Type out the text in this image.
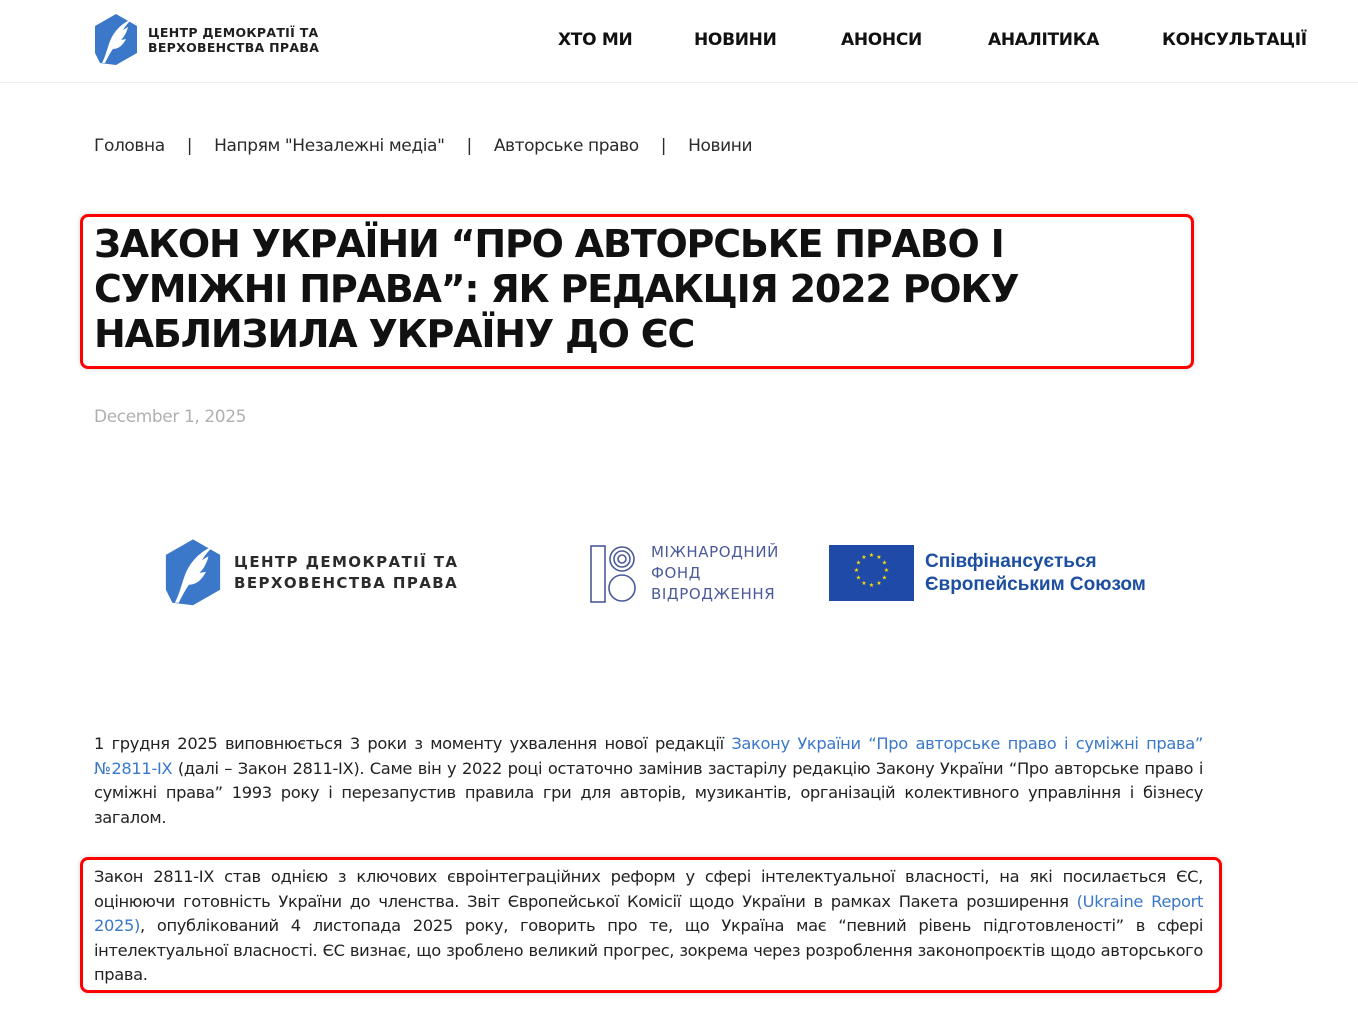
ЦЕНТР ДЕМОКРАТІЇ ТА
ВЕРХОВЕНСТВА ПРАВА	ХТО МИ	НОВИНИ	АНОНСИ	АНАЛІТИКА	КОНСУЛЬТАЦІЇ
Головна | Напрям "Незалежні медіа" | Авторське право | Новини
ЗАКОН УКРАЇНИ “ПРО АВТОРСЬКЕ ПРАВО І СУМІЖНІ ПРАВА”: ЯК РЕДАКЦІЯ 2022 РОКУ НАБЛИЗИЛА УКРАЇНУ ДО ЄС
December 1, 2025
ЦЕНТР ДЕМОКРАТІЇ ТА
ВЕРХОВЕНСТВА ПРАВА
МІЖНАРОДНИЙ
ФОНД
ВІДРОДЖЕННЯ
★ ★
★
★
★
★
★
★
★
★
★
★	Співфінансується
Європейським Союзом

1 грудня 2025 виповнюється 3 роки з моменту ухвалення нової редакції Закону України “Про авторське право і суміжні права” №2811-IX (далі – Закон 2811-IX). Саме він у 2022 році остаточно замінив застарілу редакцію Закону України “Про авторське право і суміжні права” 1993 року і перезапустив правила гри для авторів, музикантів, організацій колективного управління і бізнесу загалом.

Закон 2811-IX став однією з ключових євроінтеграційних реформ у сфері інтелектуальної власності, на які посилається ЄС, оцінюючи готовність України до членства. Звіт Європейської Комісії щодо України в рамках Пакета розширення (Ukraine Report 2025), опублікований 4 листопада 2025 року, говорить про те, що Україна має “певний рівень підготовленості” в сфері інтелектуальної власності. ЄС визнає, що зроблено великий прогрес, зокрема через розроблення законопроєктів щодо авторського права.
